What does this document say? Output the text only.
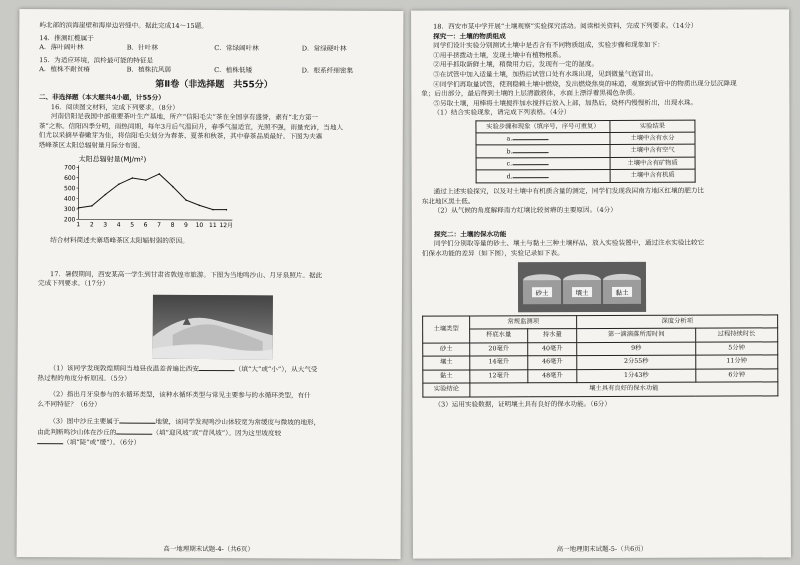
屿北部的滨海崖壁和海岸边岩缝中。据此完成14～15题。

14．推测红榄属于

A．落叶阔叶林	B．针叶林	C．常绿阔叶林	D．常绿硬叶林

15．为适应环境，滨柃最可能的特征是

A．植株不耐贫瘠	B．植株抗风弱	C．植株低矮	D．根系纤细密集
第Ⅱ卷（非选择题　共55分）

二、非选择题（本大题共4小题，计55分）

16．阅读图文材料，完成下列要求。（8分）

河南信阳是我国中部重要茶叶生产基地，所产“信阳毛尖”茶在全国享有盛誉，素有“北方第一

茶”之称。信阳四季分明，雨热同期，每年3月后气温回升，春季气温适宜，光照不强，雨量充沛，当地人

们尤以采摘早春嫩芽为佳，将信阳毛尖划分为春茶、夏茶和秋茶，其中春茶品质最好。下图为夫寨

塔峰茶区太阳总辐射量月际分布图。

太阳总辐射量(MJ/m²)
200
300
400
500
600
700
1 2 3 4 5 6 7 8 9 10 11 12月

结合材料简述夫寨塔峰茶区太阳辐射弱的原因。

17．暑假期间，西安某高一学生到甘肃省敦煌市旅游。下图为当地鸣沙山、月牙泉照片。据此

完成下列要求。（17分）

（1）该同学发现敦煌期间当地昼夜温差普遍比西安	（填“大”或“小”），从大气受

热过程的角度分析原因。（5分）

（2）指出月牙泉参与的水循环类型，该种水循环类型与常见主要参与的水循环类型，有什

么不同特征？（6分）

（3）图中沙丘主要属于	地貌，该同学发现鸣沙山体较宽为常缓度与微坡的地形，

由此判断鸣沙山体在沙丘的	（填“迎风坡”或“背风坡”）。因为这里坡度较

（填“陡”或“缓”）。（6分）

高一地理期末试题-4-（共6页）

18．西安市某中学开展“土壤观察”实验探究活动。阅读相关资料，完成下列要求。（14分）

探究一：土壤的物质组成

同学们设计实验分别测试土壤中是否含有不同物质组成，实验步骤和现象如下：

①用手挤拨动土壤，发现土壤中有植物根系。

②用手抓取新鲜土壤，稍微用力后，发现有一定的湿度。

③在试管中加入适量土壤，加热后试管口处有水珠出现，见到微量气泡冒出。

④同学们再取量试管，使剂稳赖土壤中燃烧，发出燃烧焦臭的味道，观察到试管中的物质出现分层沉降现

象；后出部分，最后得到土壤的上层清澈液体，水面上漂浮着黑褐色杂质。

⑤另取土壤，用棒将土壤搅拌加水搅拌后放入上部，加热后，烧杯内慢慢析出，出现水珠。

（1）结合实验现象，请完成下列表格。（4分）

实验步骤和现象（填序号，序号可重复）	实验结果
a.	土壤中含有水分
b.	土壤中含有空气
c.	土壤中含有矿物质
d.	土壤中含有机质

通过上述实验探究，以及对土壤中有机质含量的测定，同学们发现我国南方地区红壤的肥力比

东北地区黑土低。

（2）从气候的角度解释南方红壤比较贫瘠的主要原因。（4分）

探究二：土壤的保水功能

同学们分别取等量的砂土、壤土与黏土三种土壤样品，放入实验装置中，通过注水实验比较它

们保水功能的差异（如下图），实验记录如下表。

砂土	壤土	黏土
土壤类型	常规监测项		深度分析项	
	杯底水量	持水量	第一滴滴落所需时间	过程持续时长
砂土	20毫升	40毫升	9秒	5分钟
壤土	14毫升	46毫升	2分55秒	11分钟
黏土	12毫升	48毫升	1分43秒	6分钟
实验结论	壤土具有良好的保水功能			

（3）运用实验数据，证明壤土具有良好的保水功能。（6分）

高一地理期末试题-5-（共6页）
